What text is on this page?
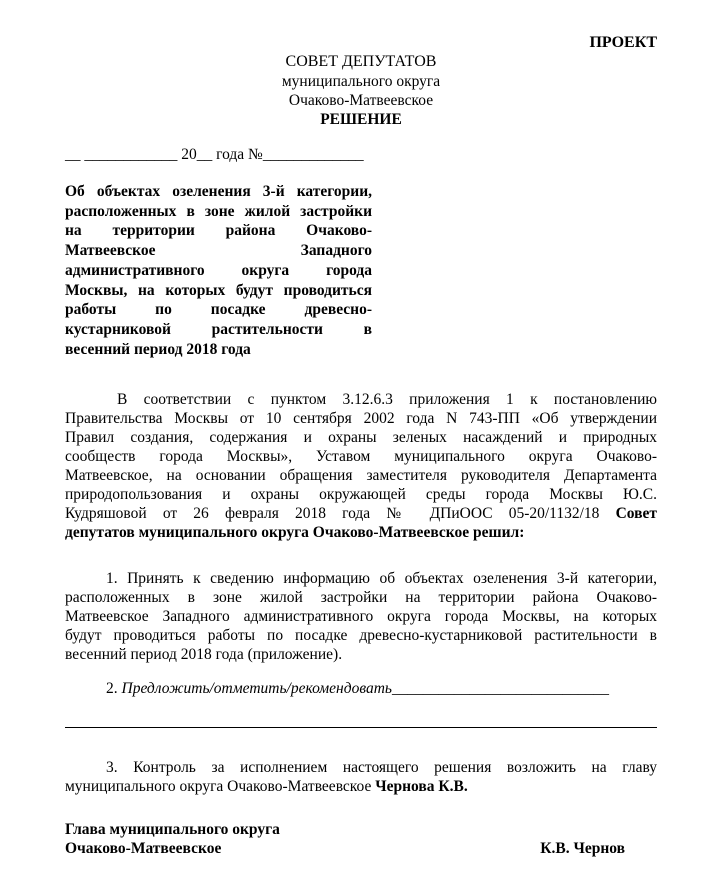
ПРОЕКТ
СОВЕТ ДЕПУТАТОВ
муниципального округа
Очаково-Матвеевское
РЕШЕНИЕ
__ ____________ 20__ года №_____________
Об объектах озеленения 3-й категории,
расположенных в зоне жилой застройки
на территории района Очаково-
Матвеевское Западного
административного округа города
Москвы, на которых будут проводиться
работы по посадке древесно-
кустарниковой растительности в
весенний период 2018 года
В соответствии с пунктом 3.12.6.3 приложения 1 к постановлению
Правительства Москвы от 10 сентября 2002 года N 743-ПП «Об утверждении
Правил создания, содержания и охраны зеленых насаждений и природных
сообществ города Москвы», Уставом муниципального округа Очаково-
Матвеевское, на основании обращения заместителя руководителя Департамента
природопользования и охраны окружающей среды города Москвы Ю.С.
Кудряшовой от 26 февраля 2018 года № ДПиООС 05-20/1132/18 Совет
депутатов муниципального округа Очаково-Матвеевское решил:
1. Принять к сведению информацию об объектах озеленения 3-й категории,
расположенных в зоне жилой застройки на территории района Очаково-
Матвеевское Западного административного округа города Москвы, на которых
будут проводиться работы по посадке древесно-кустарниковой растительности в
весенний период 2018 года (приложение).
2. Предложить/отметить/рекомендовать____________________________
3. Контроль за исполнением настоящего решения возложить на главу
муниципального округа Очаково-Матвеевское Чернова К.В.
Глава муниципального округа
Очаково-Матвеевское	К.В. Чернов
